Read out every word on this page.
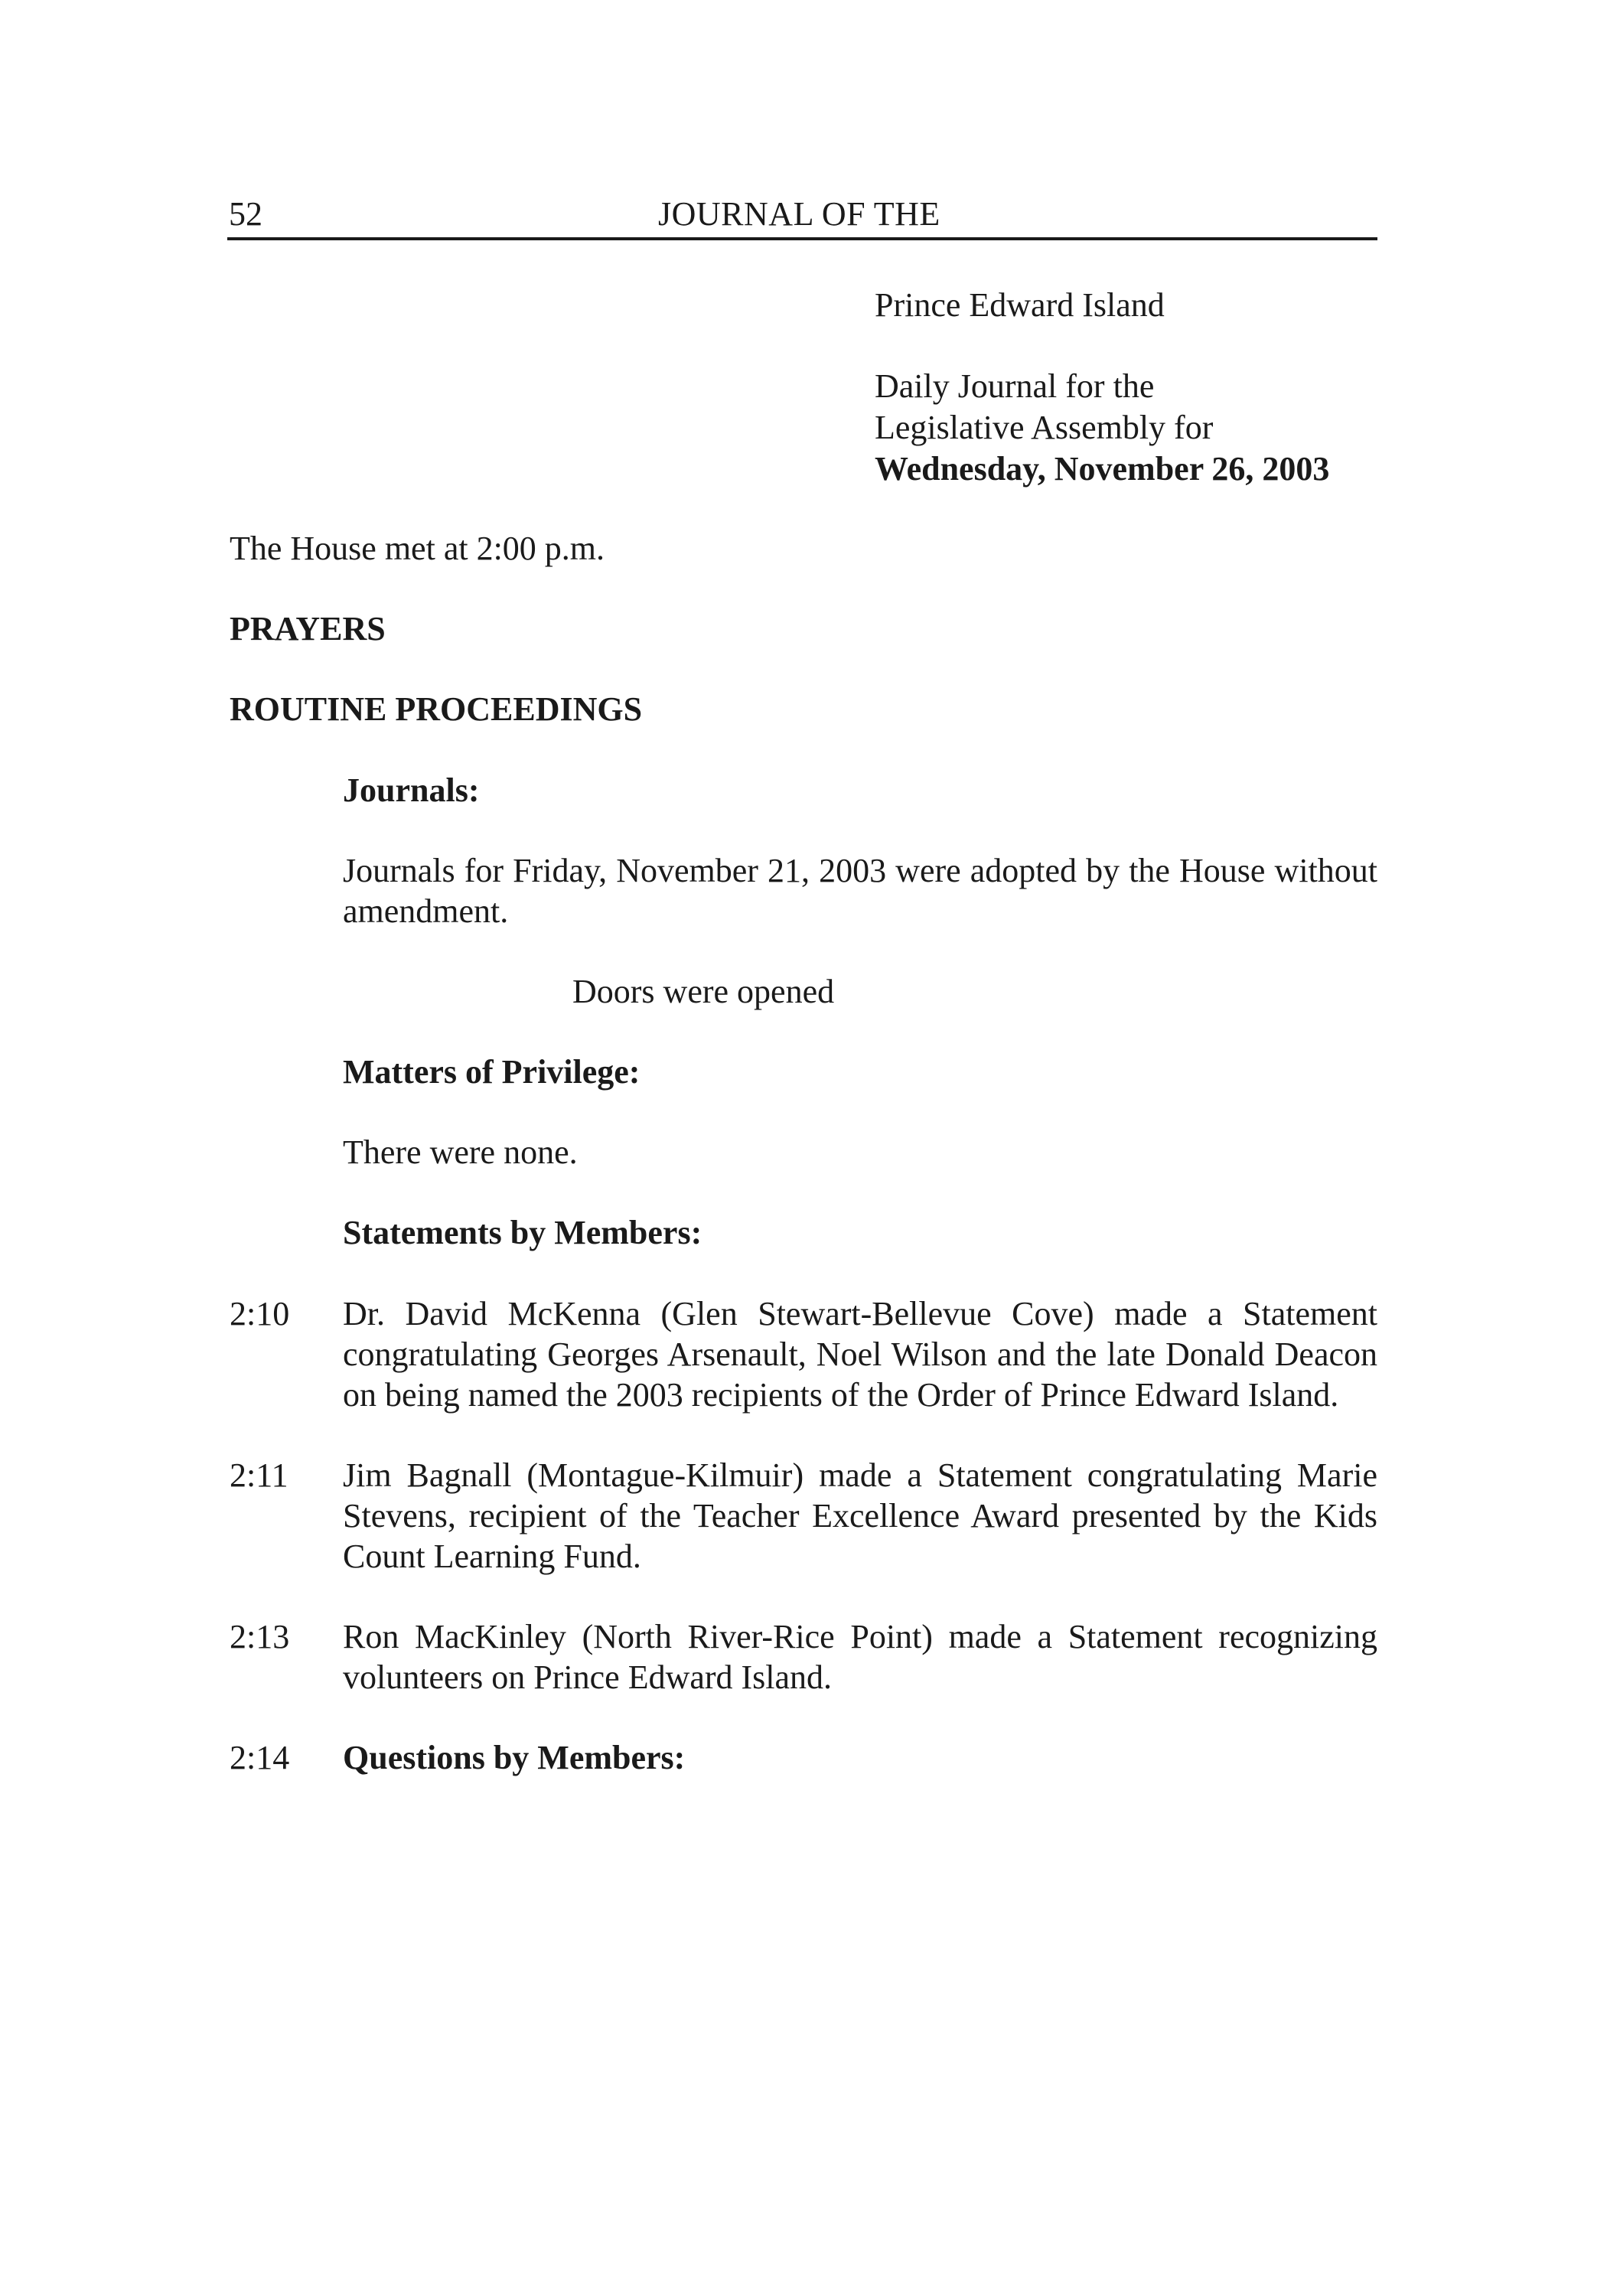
52	JOURNAL OF THE
Prince Edward Island
Daily Journal for the
Legislative Assembly for
Wednesday, November 26, 2003
The House met at 2:00 p.m.
PRAYERS
ROUTINE PROCEEDINGS
Journals:
Journals for Friday, November 21, 2003 were adopted by the House without
amendment.
Doors were opened
Matters of Privilege:
There were none.
Statements by Members:
2:10 Dr. David McKenna (Glen Stewart-Bellevue Cove) made a Statement
congratulating Georges Arsenault, Noel Wilson and the late Donald Deacon
on being named the 2003 recipients of the Order of Prince Edward Island.
2:11 Jim Bagnall (Montague-Kilmuir) made a Statement congratulating Marie
Stevens, recipient of the Teacher Excellence Award presented by the Kids
Count Learning Fund.
2:13 Ron MacKinley (North River-Rice Point) made a Statement recognizing
volunteers on Prince Edward Island.
2:14 Questions by Members:
